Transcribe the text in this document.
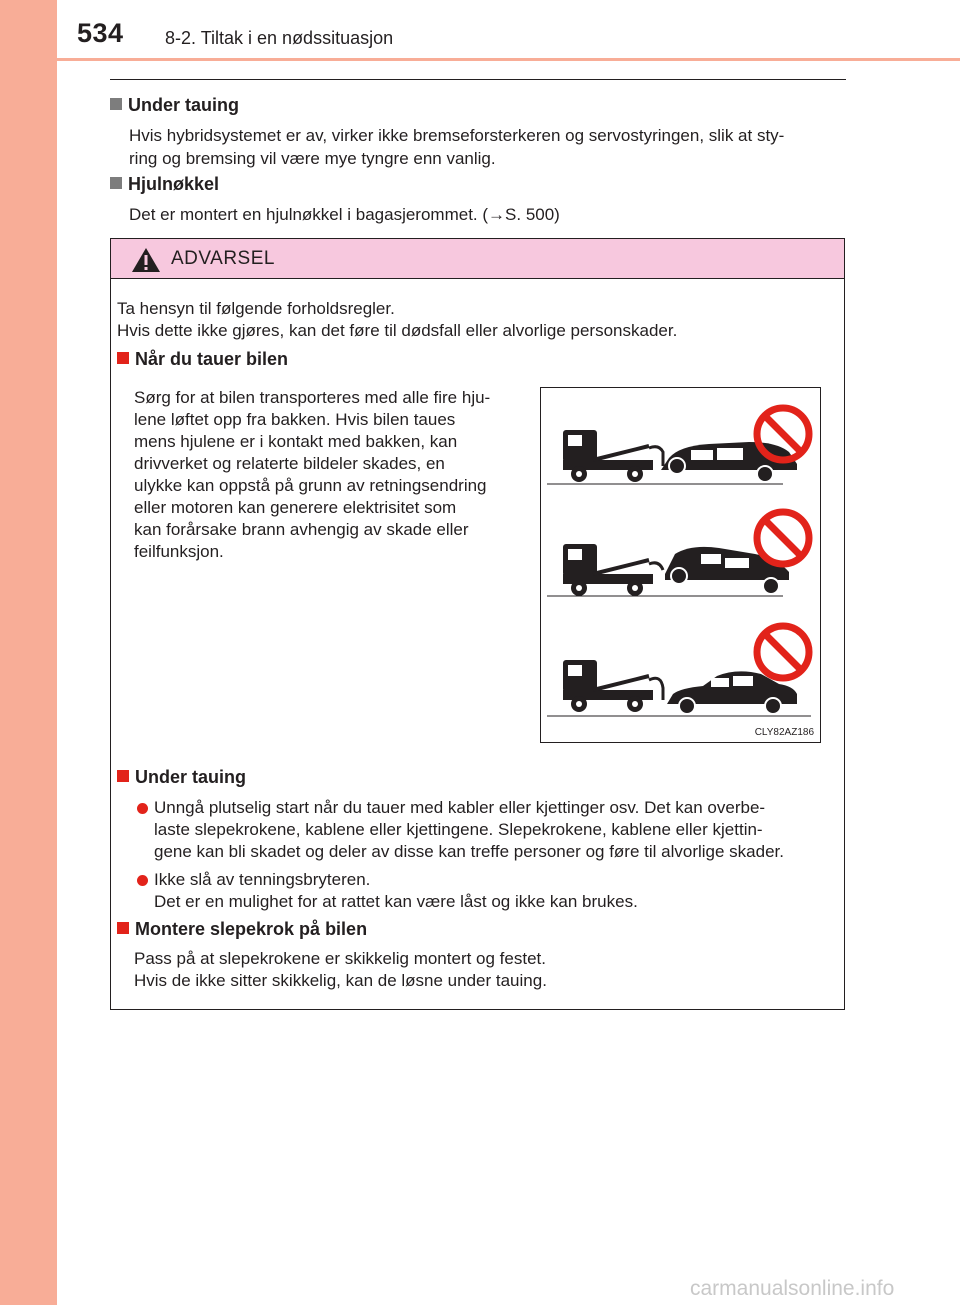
534 8-2. Tiltak i en nødssituasjon
Under tauing
Hvis hybridsystemet er av, virker ikke bremseforsterkeren og servostyringen, slik at sty-
ring og bremsing vil være mye tyngre enn vanlig.
Hjulnøkkel
Det er montert en hjulnøkkel i bagasjerommet. (→S. 500)
ADVARSEL
Ta hensyn til følgende forholdsregler.
Hvis dette ikke gjøres, kan det føre til dødsfall eller alvorlige personskader.
Når du tauer bilen
Sørg for at bilen transporteres med alle fire hju-
lene løftet opp fra bakken. Hvis bilen taues
mens hjulene er i kontakt med bakken, kan
drivverket og relaterte bildeler skades, en
ulykke kan oppstå på grunn av retningsendring
eller motoren kan generere elektrisitet som
kan forårsake brann avhengig av skade eller
feilfunksjon.
Under tauing
Unngå plutselig start når du tauer med kabler eller kjettinger osv. Det kan overbe-
laste slepekrokene, kablene eller kjettingene. Slepekrokene, kablene eller kjettin-
gene kan bli skadet og deler av disse kan treffe personer og føre til alvorlige skader.
Ikke slå av tenningsbryteren.
Det er en mulighet for at rattet kan være låst og ikke kan brukes.
Montere slepekrok på bilen
Pass på at slepekrokene er skikkelig montert og festet.
Hvis de ikke sitter skikkelig, kan de løsne under tauing.
CLY82AZ186
carmanualsonline.info
